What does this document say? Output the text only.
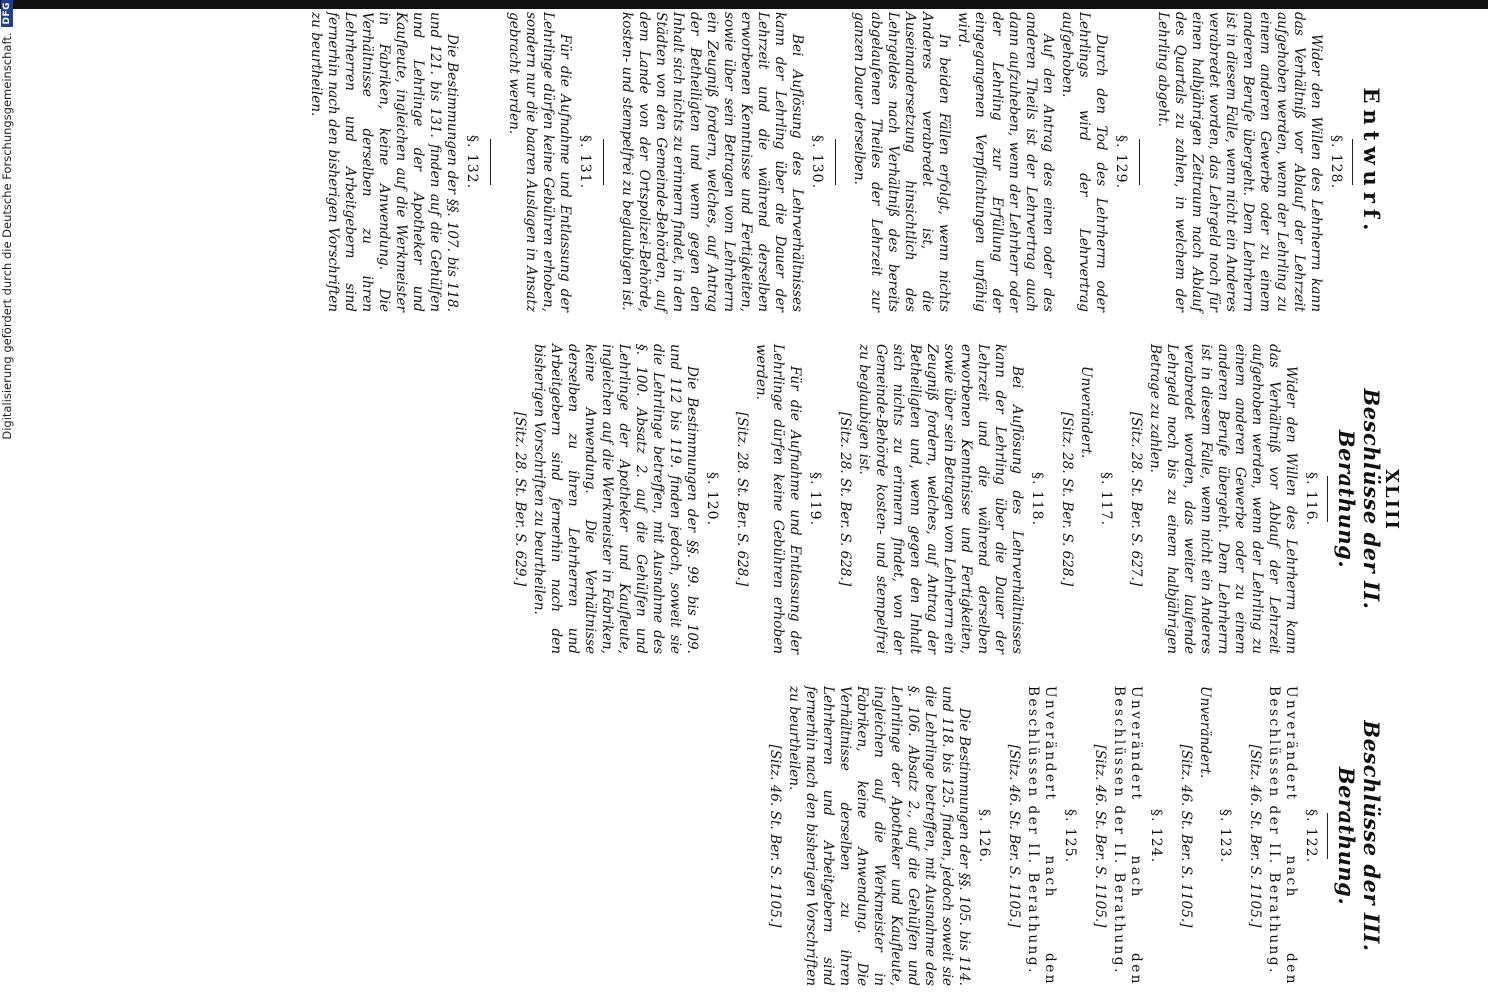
XLIII
Entwurf.
§. 128.

Wider den Willen des Lehrherrn kann das Verhältniß vor Ablauf der Lehrzeit aufgehoben werden, wenn der Lehrling zu einem anderen Gewerbe oder zu einem anderen Berufe übergeht. Dem Lehrherrn ist in diesem Falle, wenn nicht ein Anderes verabredet worden, das Lehrgeld noch für einen halbjährigen Zeitraum nach Ablauf des Quartals zu zahlen, in welchem der Lehrling abgeht.

§. 129.

Durch den Tod des Lehrherrn oder Lehrlings wird der Lehrvertrag aufgehoben.

Auf den Antrag des einen oder des anderen Theils ist der Lehrvertrag auch dann aufzuheben, wenn der Lehrherr oder der Lehrling zur Erfüllung der eingegangenen Verpflichtungen unfähig wird.

In beiden Fällen erfolgt, wenn nichts Anderes verabredet ist, die Auseinandersetzung hinsichtlich des Lehrgeldes nach Verhältniß des bereits abgelaufenen Theiles der Lehrzeit zur ganzen Dauer derselben.

§. 130.

Bei Auflösung des Lehrverhältnisses kann der Lehrling über die Dauer der Lehrzeit und die während derselben erworbenen Kenntnisse und Fertigkeiten, sowie über sein Betragen vom Lehrherrn ein Zeugniß fordern, welches, auf Antrag der Betheiligten und wenn gegen den Inhalt sich nichts zu erinnern findet, in den Städten von den Gemeinde-Behörden, auf dem Lande von der Ortspolizei-Behörde, kosten- und stempelfrei zu beglaubigen ist.

§. 131.

Für die Aufnahme und Entlassung der Lehrlinge dürfen keine Gebühren erhoben, sondern nur die baaren Auslagen in Ansatz gebracht werden.

§. 132.

Die Bestimmungen der §§. 107. bis 118. und 121. bis 131. finden auf die Gehülfen und Lehrlinge der Apotheker und Kaufleute, ingleichen auf die Werkmeister in Fabriken, keine Anwendung. Die Verhältnisse derselben zu ihren Lehrherren und Arbeitgebern sind fernerhin nach den bisherigen Vorschriften zu beurtheilen.

Beschlüsse der II. Berathung.
§. 116.

Wider den Willen des Lehrherrn kann das Verhältniß vor Ablauf der Lehrzeit aufgehoben werden, wenn der Lehrling zu einem anderen Gewerbe oder zu einem anderen Berufe übergeht. Dem Lehrherrn ist in diesem Falle, wenn nicht ein Anderes verabredet worden, das weiter laufende Lehrgeld noch bis zu einem halbjährigen Betrage zu zahlen.

[Sitz. 28. St. Ber. S. 627.]
§. 117.

Unverändert.

[Sitz. 28. St. Ber. S. 628.]
§. 118.

Bei Auflösung des Lehrverhältnisses kann der Lehrling über die Dauer der Lehrzeit und die während derselben erworbenen Kenntnisse und Fertigkeiten, sowie über sein Betragen vom Lehrherrn ein Zeugniß fordern, welches, auf Antrag der Betheiligten und, wenn gegen den Inhalt sich nichts zu erinnern findet, von der Gemeinde-Behörde kosten- und stempelfrei zu beglaubigen ist.

[Sitz. 28. St. Ber. S. 628.]
§. 119.

Für die Aufnahme und Entlassung der Lehrlinge dürfen keine Gebühren erhoben werden.

[Sitz. 28. St. Ber. S. 628.]
§. 120.

Die Bestimmungen der §§. 99. bis 109. und 112 bis 119. finden jedoch, soweit sie die Lehrlinge betreffen, mit Ausnahme des §. 100. Absatz 2. auf die Gehülfen und Lehrlinge der Apotheker und Kaufleute, ingleichen auf die Werkmeister in Fabriken, keine Anwendung. Die Verhältnisse derselben zu ihren Lehrherren und Arbeitgebern sind fernerhin nach den bisherigen Vorschriften zu beurtheilen.

[Sitz. 28. St. Ber. S. 629.]
Beschlüsse der III. Berathung.
§. 122.

Unverändert nach den Beschlüssen der II. Berathung.

[Sitz. 46. St. Ber. S. 1105.]
§. 123.

Unverändert.

[Sitz. 46. St. Ber. S. 1105.]
§. 124.

Unverändert nach den Beschlüssen der II. Berathung.

[Sitz. 46. St. Ber. S. 1105.]
§. 125.

Unverändert nach den Beschlüssen der II. Berathung.

[Sitz. 46. St. Ber. S. 1105.]
§. 126.

Die Bestimmungen der §§. 105. bis 114. und 118. bis 125. finden, jedoch soweit sie die Lehrlinge betreffen, mit Ausnahme des §. 106. Absatz 2., auf die Gehülfen und Lehrlinge der Apotheker und Kaufleute, ingleichen auf die Werkmeister in Fabriken, keine Anwendung. Die Verhältnisse derselben zu ihren Lehrherren und Arbeitgebern sind fernerhin nach den bisherigen Vorschriften zu beurtheilen.

[Sitz. 46. St. Ber. S. 1105.]
Digitalisierung gefördert durch die Deutsche Forschungsgemeinschaft.
DFG
